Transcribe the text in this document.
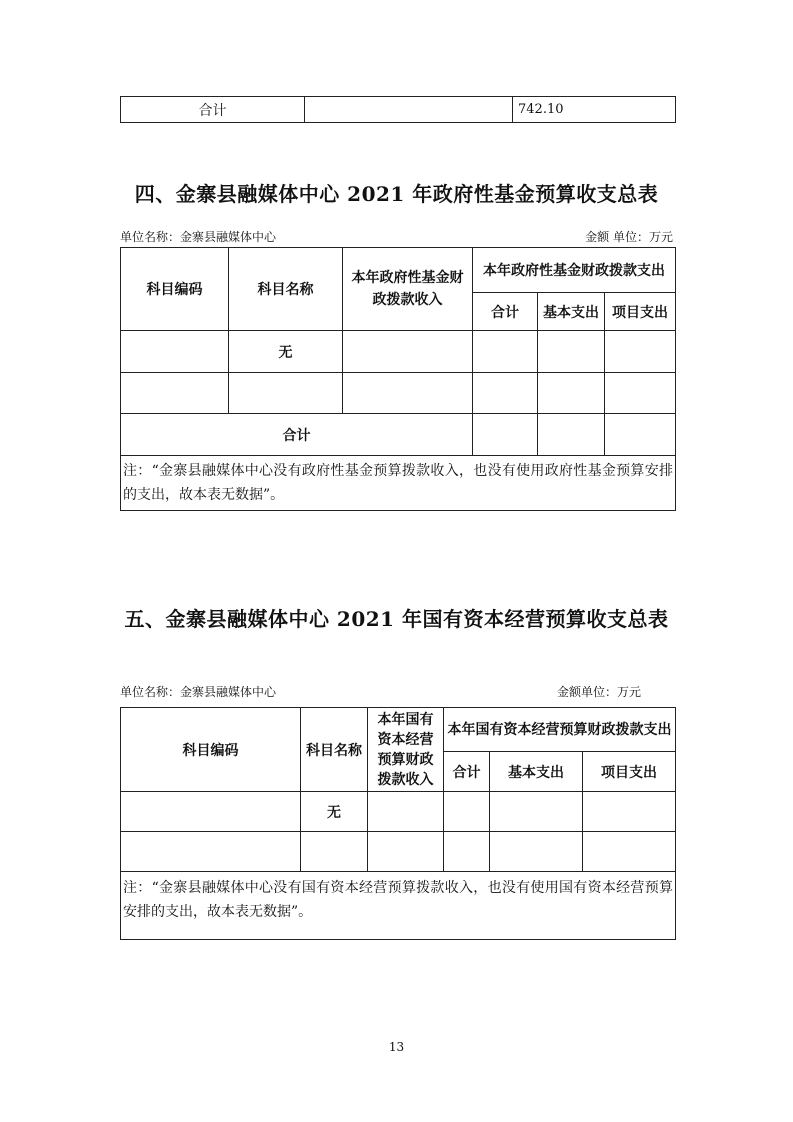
合计		742.10
四、金寨县融媒体中心 2021 年政府性基金预算收支总表
单位名称：金寨县融媒体中心	金额 单位：万元
科目编码	科目名称	本年政府性基金财政拨款收入	本年政府性基金财政拨款支出		
			合计	基本支出	项目支出
	无				

合计					
注：“金寨县融媒体中心没有政府性基金预算拨款收入，也没有使用政府性基金预算安排的支出，故本表无数据”。					
五、金寨县融媒体中心 2021 年国有资本经营预算收支总表
单位名称：金寨县融媒体中心	金额单位：万元
科目编码	科目名称	本年国有资本经营预算财政拨款收入	本年国有资本经营预算财政拨款支出		
			合计	基本支出	项目支出
	无				

注：“金寨县融媒体中心没有国有资本经营预算拨款收入，也没有使用国有资本经营预算安排的支出，故本表无数据”。					
13
